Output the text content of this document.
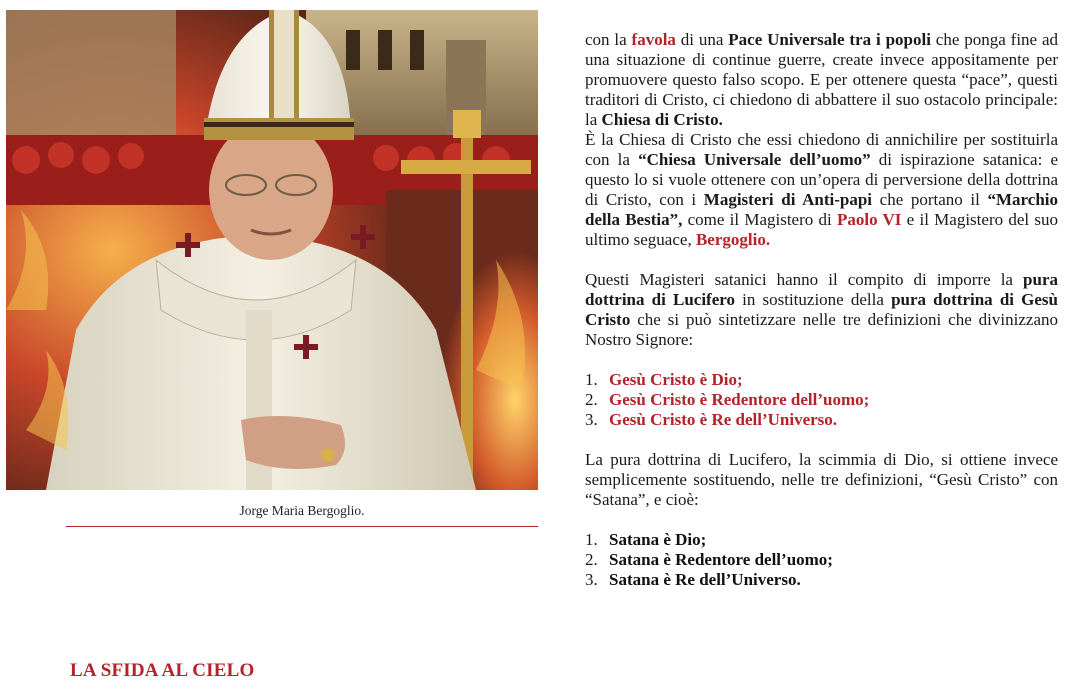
Jorge Maria Bergoglio.
LA SFIDA AL CIELO

con la favola di una Pace Universale tra i popoli che ponga fine ad una situazione di continue guerre, create invece appositamente per promuovere questo falso scopo. E per ottenere questa “pace”, questi traditori di Cristo, ci chiedono di abbattere il suo ostacolo principale: la Chiesa di Cristo.

È la Chiesa di Cristo che essi chiedono di annichilire per sostituirla con la “Chiesa Universale dell’uomo” di ispirazione satanica: e questo lo si vuole ottenere con un’opera di perversione della dottrina di Cristo, con i Magisteri di Anti-papi che portano il “Marchio della Bestia”, come il Magistero di Paolo VI e il Magistero del suo ultimo seguace, Bergoglio.

Questi Magisteri satanici hanno il compito di imporre la pura dottrina di Lucifero in sostituzione della pura dottrina di Gesù Cristo che si può sintetizzare nelle tre definizioni che divinizzano Nostro Signore:

1. Gesù Cristo è Dio;
2. Gesù Cristo è Redentore dell’uomo;
3. Gesù Cristo è Re dell’Universo.

La pura dottrina di Lucifero, la scimmia di Dio, si ottiene invece semplicemente sostituendo, nelle tre definizioni, “Gesù Cristo” con “Satana”, e cioè:

1. Satana è Dio;
2. Satana è Redentore dell’uomo;
3. Satana è Re dell’Universo.
